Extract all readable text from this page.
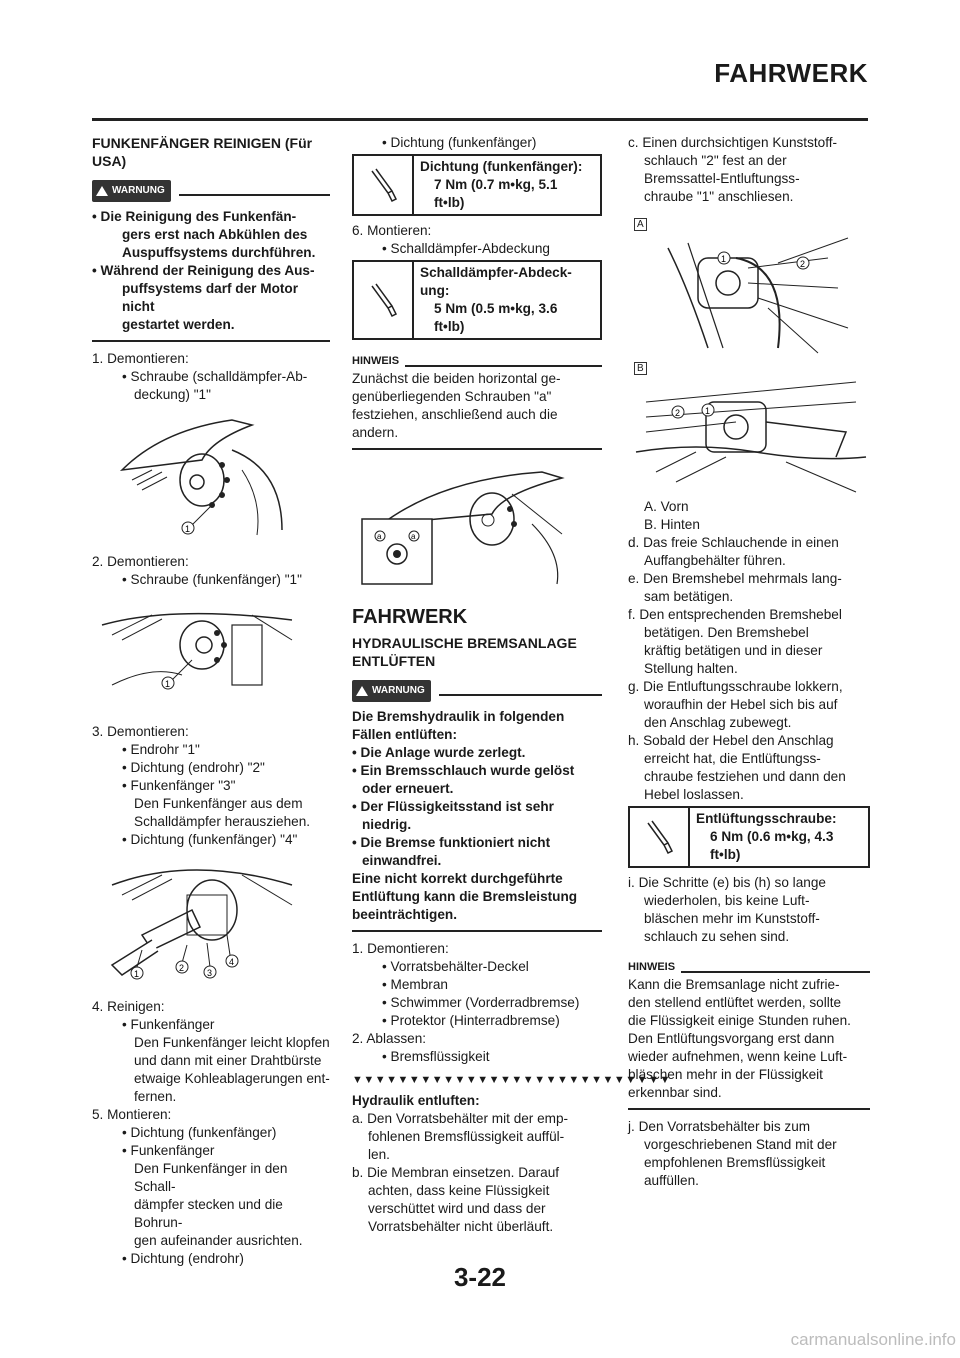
FAHRWERK

FUNKENFÄNGER REINIGEN (Für USA)

WARNUNG

• Die Reinigung des Funkenfän-

gers erst nach Abkühlen des

Auspuffsystems durchführen.

• Während der Reinigung des Aus-

puffsystems darf der Motor nicht

gestartet werden.

1. Demontieren:

• Schraube (schalldämpfer-Ab-

deckung) "1"

1

2. Demontieren:

• Schraube (funkenfänger) "1"

1

3. Demontieren:

• Endrohr "1"

• Dichtung (endrohr) "2"

• Funkenfänger "3"

Den Funkenfänger aus dem

Schalldämpfer herausziehen.

• Dichtung (funkenfänger) "4"

1
2	3
4

4. Reinigen:

• Funkenfänger

Den Funkenfänger leicht klopfen

und dann mit einer Drahtbürste

etwaige Kohleablagerungen ent-

fernen.

5. Montieren:

• Dichtung (funkenfänger)

• Funkenfänger

Den Funkenfänger in den Schall-

dämpfer stecken und die Bohrun-

gen aufeinander ausrichten.

• Dichtung (endrohr)

• Dichtung (funkenfänger)

Dichtung (funkenfänger):

7 Nm (0.7 m•kg, 5.1

ft•lb)

6. Montieren:

• Schalldämpfer-Abdeckung

Schalldämpfer-Abdeck-

ung:

5 Nm (0.5 m•kg, 3.6

ft•lb)

HINWEIS

Zunächst die beiden horizontal ge-

genüberliegenden Schrauben "a"

festziehen, anschließend auch die

andern.

a	a

FAHRWERK

HYDRAULISCHE BREMSANLAGE ENTLÜFTEN

WARNUNG

Die Bremshydraulik in folgenden

Fällen entlüften:

• Die Anlage wurde zerlegt.

• Ein Bremsschlauch wurde gelöst

oder erneuert.

• Der Flüssigkeitsstand ist sehr

niedrig.

• Die Bremse funktioniert nicht

einwandfrei.

Eine nicht korrekt durchgeführte

Entlüftung kann die Bremsleistung

beeinträchtigen.

1. Demontieren:

• Vorratsbehälter-Deckel

• Membran

• Schwimmer (Vorderradbremse)

• Protektor (Hinterradbremse)

2. Ablassen:

• Bremsflüssigkeit

▼▼▼▼▼▼▼▼▼▼▼▼▼▼▼▼▼▼▼▼▼▼▼▼▼▼▼▼

Hydraulik entluften:

a. Den Vorratsbehälter mit der emp-

fohlenen Bremsflüssigkeit auffül-

len.

b. Die Membran einsetzen. Darauf

achten, dass keine Flüssigkeit

verschüttet wird und dass der

Vorratsbehälter nicht überläuft.

c. Einen durchsichtigen Kunststoff-

schlauch "2" fest an der

Bremssattel-Entluftungss-

chraube "1" anschliesen.

A
1	2
B
2	1

A. Vorn

B. Hinten

d. Das freie Schlauchende in einen

Auffangbehälter führen.

e. Den Bremshebel mehrmals lang-

sam betätigen.

f. Den entsprechenden Bremshebel

betätigen. Den Bremshebel

kräftig betätigen und in dieser

Stellung halten.

g. Die Entluftungsschraube lokkern,

woraufhin der Hebel sich bis auf

den Anschlag zubewegt.

h. Sobald der Hebel den Anschlag

erreicht hat, die Entlüftungss-

chraube festziehen und dann den

Hebel loslassen.

Entlüftungsschraube:

6 Nm (0.6 m•kg, 4.3

ft•lb)

i. Die Schritte (e) bis (h) so lange

wiederholen, bis keine Luft-

bläschen mehr im Kunststoff-

schlauch zu sehen sind.

HINWEIS

Kann die Bremsanlage nicht zufrie-

den stellend entlüftet werden, sollte

die Flüssigkeit einige Stunden ruhen.

Den Entlüftungsvorgang erst dann

wieder aufnehmen, wenn keine Luft-

bläschen mehr in der Flüssigkeit

erkennbar sind.

j. Den Vorratsbehälter bis zum

vorgeschriebenen Stand mit der

empfohlenen Bremsflüssigkeit

auffüllen.

3-22
carmanualsonline.info
